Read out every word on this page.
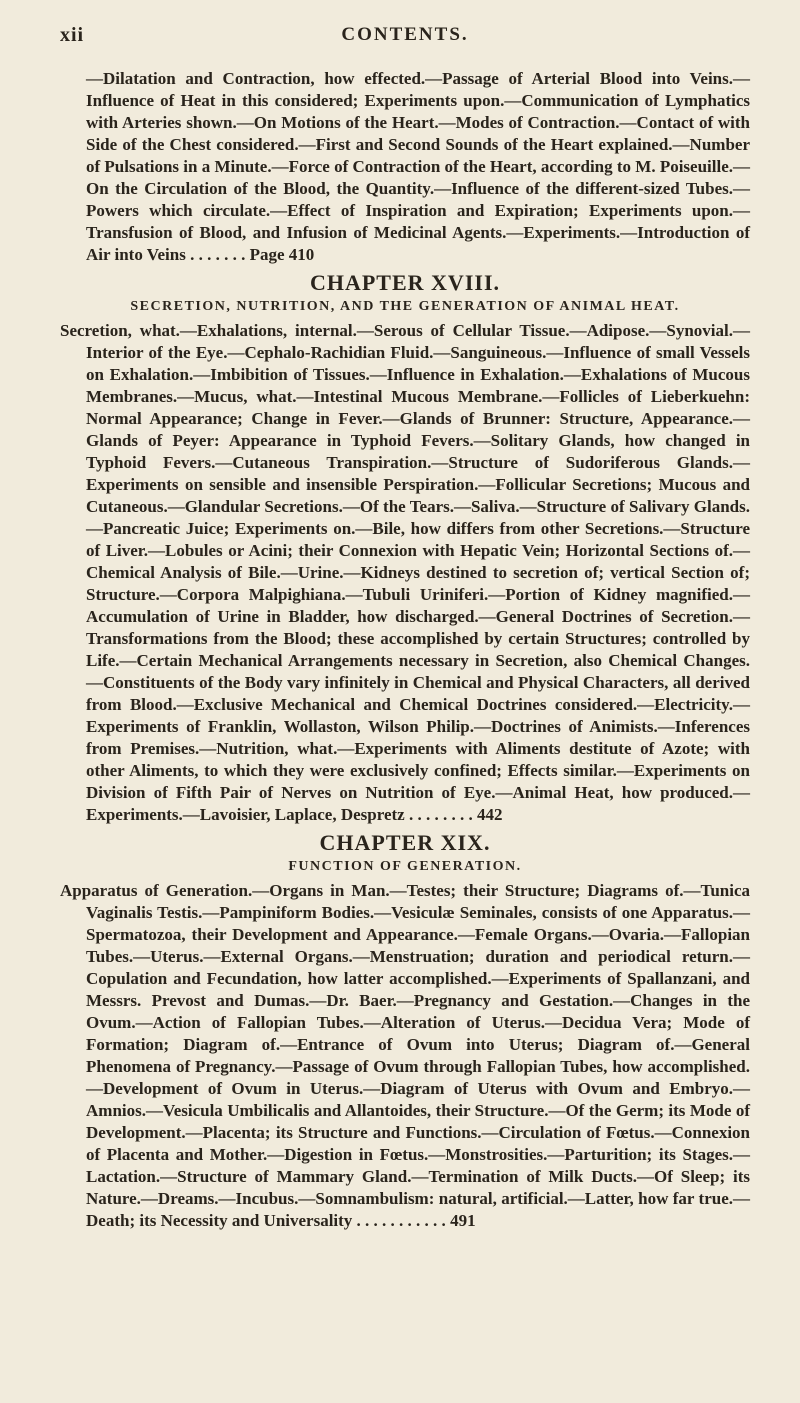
xii	CONTENTS.

—Dilatation and Contraction, how effected.—Passage of Arterial Blood into Veins.—Influence of Heat in this considered; Experiments upon.—Communication of Lymphatics with Arteries shown.—On Motions of the Heart.—Modes of Contraction.—Contact of with Side of the Chest considered.—First and Second Sounds of the Heart explained.—Number of Pulsations in a Minute.—Force of Contraction of the Heart, according to M. Poiseuille.—On the Circulation of the Blood, the Quantity.—Influence of the different-sized Tubes.—Powers which circulate.—Effect of Inspiration and Expiration; Experiments upon.—Transfusion of Blood, and Infusion of Medicinal Agents.—Experiments.—Introduction of Air into Veins . . . . . . . Page 410

CHAPTER XVIII.
SECRETION, NUTRITION, AND THE GENERATION OF ANIMAL HEAT.

Secretion, what.—Exhalations, internal.—Serous of Cellular Tissue.—Adipose.—Synovial.—Interior of the Eye.—Cephalo-Rachidian Fluid.—Sanguineous.—Influence of small Vessels on Exhalation.—Imbibition of Tissues.—Influence in Exhalation.—Exhalations of Mucous Membranes.—Mucus, what.—Intestinal Mucous Membrane.—Follicles of Lieberkuehn: Normal Appearance; Change in Fever.—Glands of Brunner: Structure, Appearance.—Glands of Peyer: Appearance in Typhoid Fevers.—Solitary Glands, how changed in Typhoid Fevers.—Cutaneous Transpiration.—Structure of Sudoriferous Glands.—Experiments on sensible and insensible Perspiration.—Follicular Secretions; Mucous and Cutaneous.—Glandular Secretions.—Of the Tears.—Saliva.—Structure of Salivary Glands.—Pancreatic Juice; Experiments on.—Bile, how differs from other Secretions.—Structure of Liver.—Lobules or Acini; their Connexion with Hepatic Vein; Horizontal Sections of.—Chemical Analysis of Bile.—Urine.—Kidneys destined to secretion of; vertical Section of; Structure.—Corpora Malpighiana.—Tubuli Uriniferi.—Portion of Kidney magnified.—Accumulation of Urine in Bladder, how discharged.—General Doctrines of Secretion.—Transformations from the Blood; these accomplished by certain Structures; controlled by Life.—Certain Mechanical Arrangements necessary in Secretion, also Chemical Changes.—Constituents of the Body vary infinitely in Chemical and Physical Characters, all derived from Blood.—Exclusive Mechanical and Chemical Doctrines considered.—Electricity.—Experiments of Franklin, Wollaston, Wilson Philip.—Doctrines of Animists.—Inferences from Premises.—Nutrition, what.—Experiments with Aliments destitute of Azote; with other Aliments, to which they were exclusively confined; Effects similar.—Experiments on Division of Fifth Pair of Nerves on Nutrition of Eye.—Animal Heat, how produced.—Experiments.—Lavoisier, Laplace, Despretz . . . . . . . . 442

CHAPTER XIX.
FUNCTION OF GENERATION.

Apparatus of Generation.—Organs in Man.—Testes; their Structure; Diagrams of.—Tunica Vaginalis Testis.—Pampiniform Bodies.—Vesiculæ Seminales, consists of one Apparatus.—Spermatozoa, their Development and Appearance.—Female Organs.—Ovaria.—Fallopian Tubes.—Uterus.—External Organs.—Menstruation; duration and periodical return.—Copulation and Fecundation, how latter accomplished.—Experiments of Spallanzani, and Messrs. Prevost and Dumas.—Dr. Baer.—Pregnancy and Gestation.—Changes in the Ovum.—Action of Fallopian Tubes.—Alteration of Uterus.—Decidua Vera; Mode of Formation; Diagram of.—Entrance of Ovum into Uterus; Diagram of.—General Phenomena of Pregnancy.—Passage of Ovum through Fallopian Tubes, how accomplished.—Development of Ovum in Uterus.—Diagram of Uterus with Ovum and Embryo.—Amnios.—Vesicula Umbilicalis and Allantoides, their Structure.—Of the Germ; its Mode of Development.—Placenta; its Structure and Functions.—Circulation of Fœtus.—Connexion of Placenta and Mother.—Digestion in Fœtus.—Monstrosities.—Parturition; its Stages.—Lactation.—Structure of Mammary Gland.—Termination of Milk Ducts.—Of Sleep; its Nature.—Dreams.—Incubus.—Somnambulism: natural, artificial.—Latter, how far true.—Death; its Necessity and Universality . . . . . . . . . . . 491
